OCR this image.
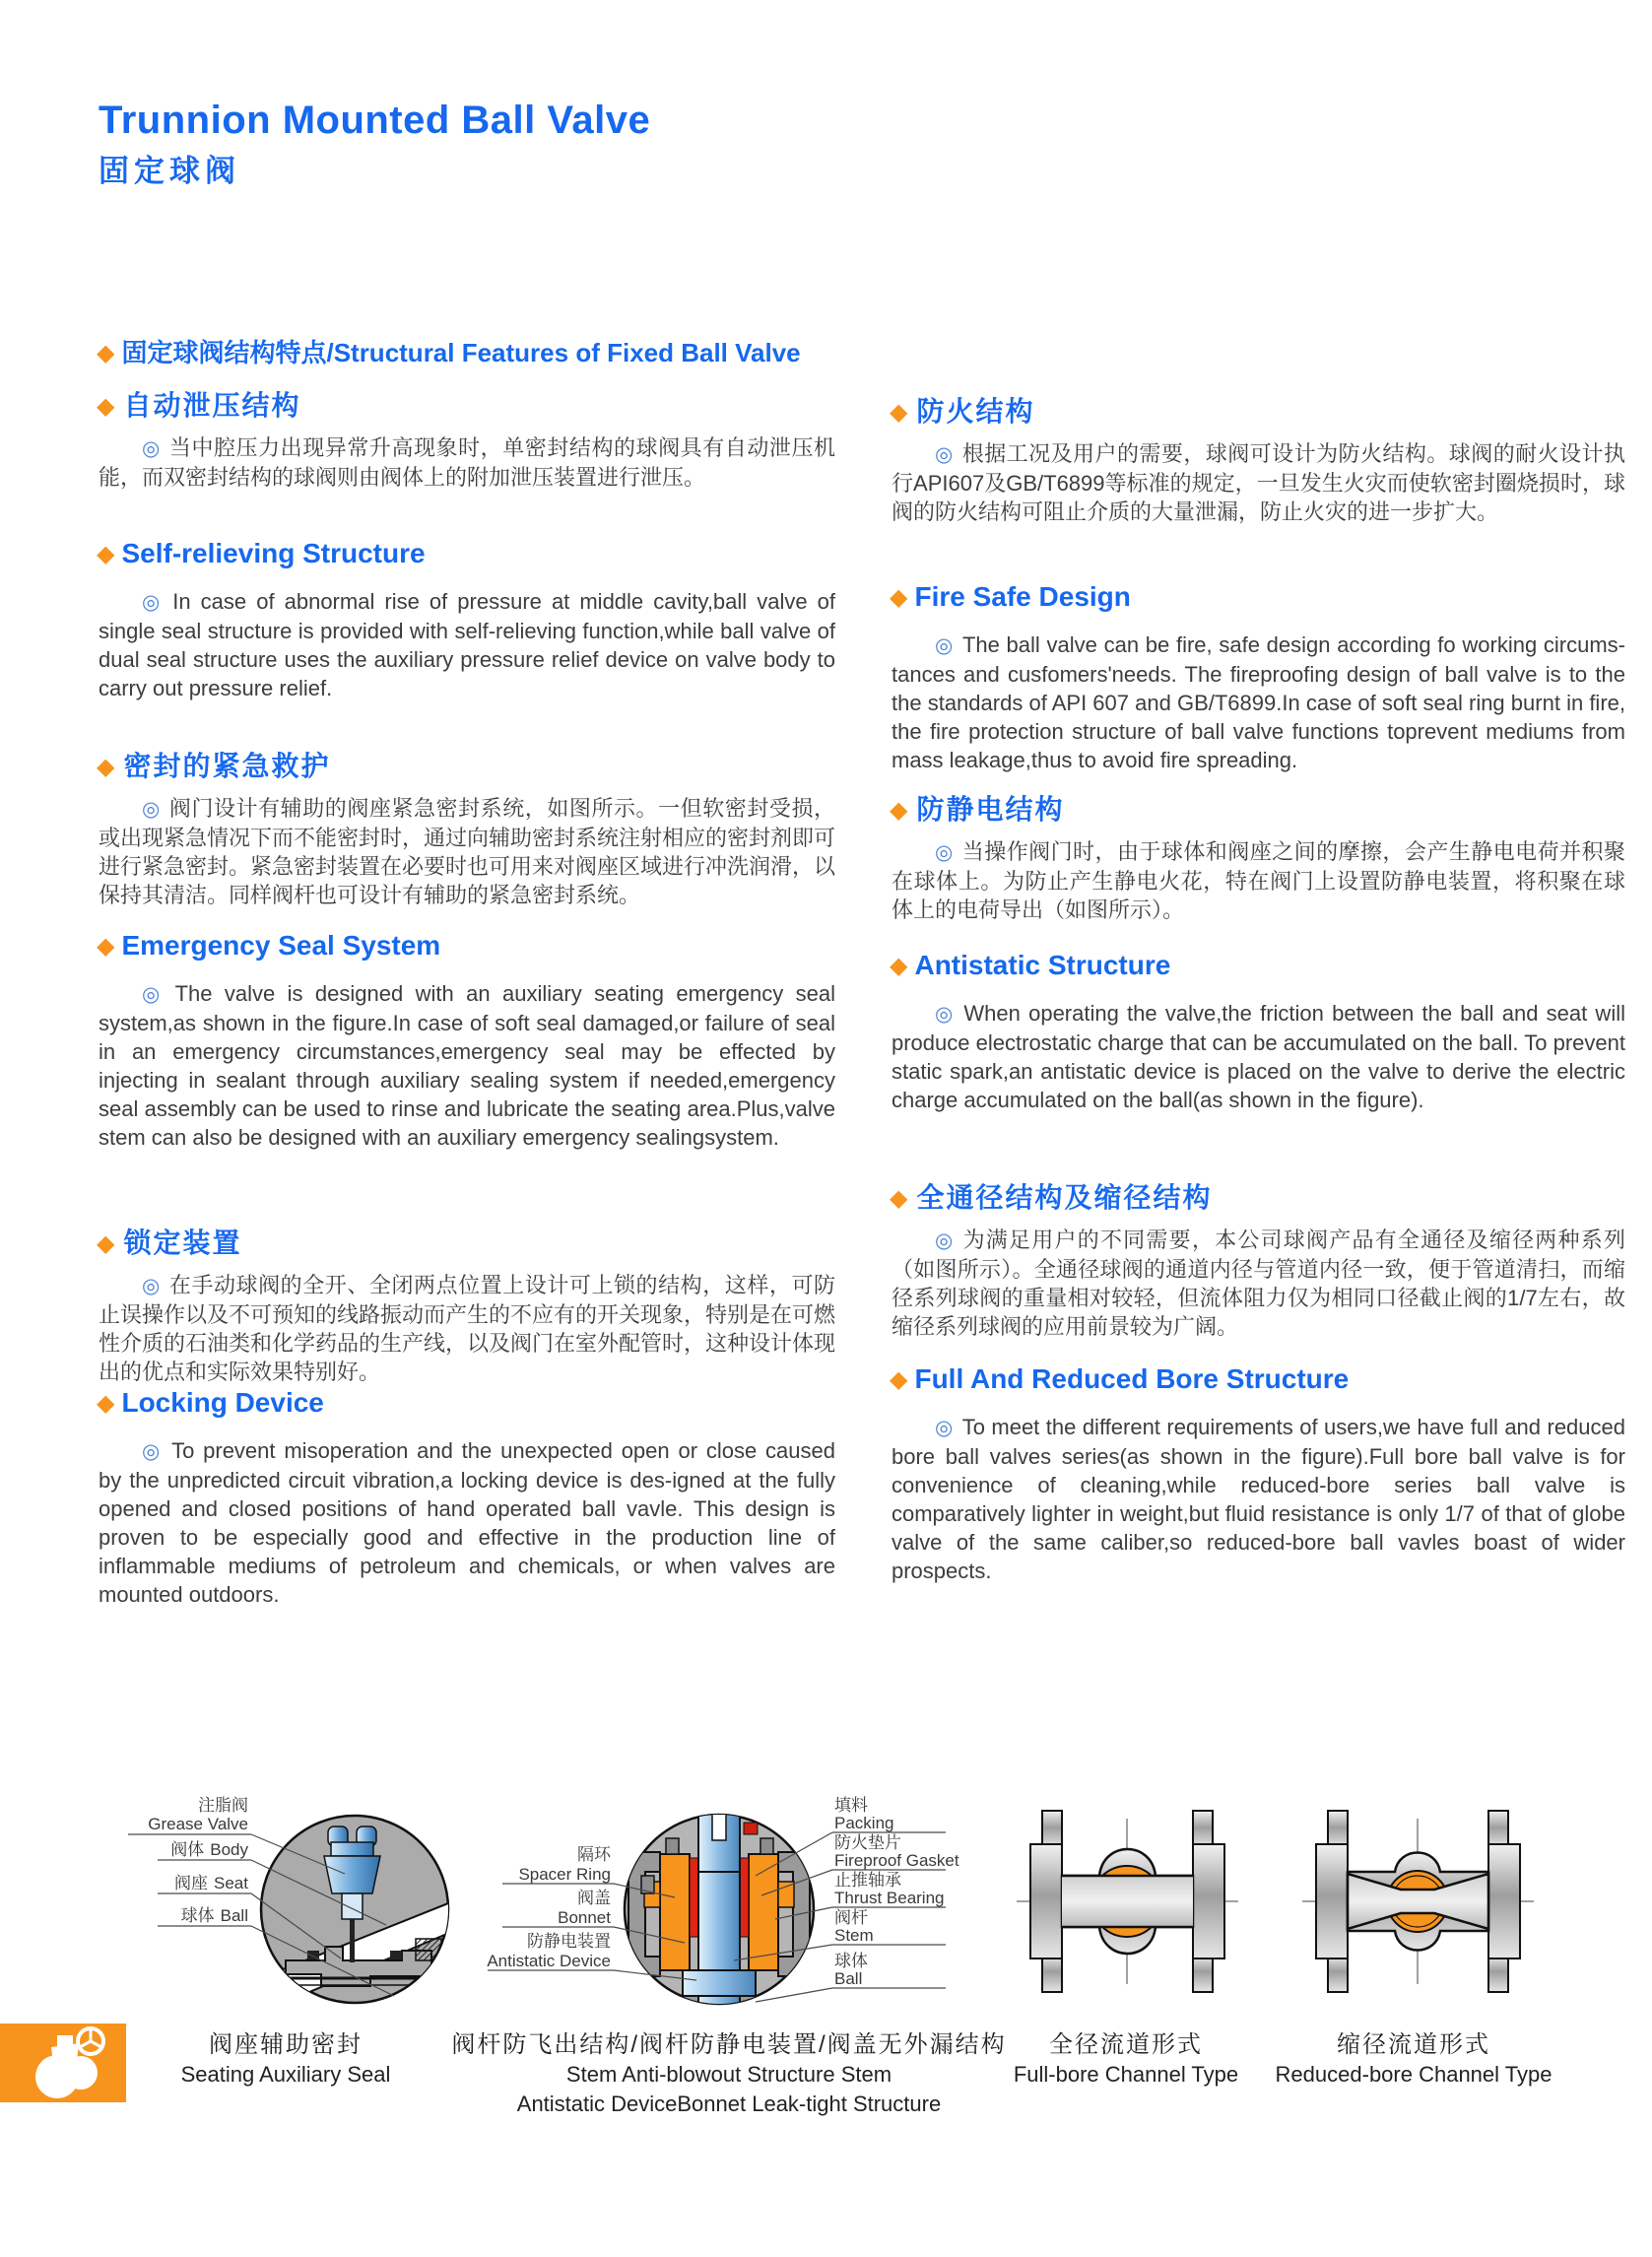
Trunnion Mounted Ball Valve
固定球阀
◆ 固定球阀结构特点/Structural Features of Fixed Ball Valve
◆ 自动泄压结构
◎ 当中腔压力出现异常升高现象时，单密封结构的球阀具有自动泄压机能，而双密封结构的球阀则由阀体上的附加泄压装置进行泄压。
◆ Self-relieving Structure
◎ In case of abnormal rise of pressure at middle cavity,ball valve of single seal structure is provided with self-relieving function,while ball valve of dual seal structure uses the auxiliary pressure relief device on valve body to carry out pressure relief.
◆ 密封的紧急救护
◎ 阀门设计有辅助的阀座紧急密封系统，如图所示。一但软密封受损，或出现紧急情况下而不能密封时，通过向辅助密封系统注射相应的密封剂即可进行紧急密封。紧急密封装置在必要时也可用来对阀座区域进行冲洗润滑，以保持其清洁。同样阀杆也可设计有辅助的紧急密封系统。
◆ Emergency Seal System
◎ The valve is designed with an auxiliary seating emergency seal system,as shown in the figure.In case of soft seal damaged,or failure of seal in an emergency circumstances,emergency seal may be effected by injecting in sealant through auxiliary sealing system if needed,emergency seal assembly can be used to rinse and lubricate the seating area.Plus,valve stem can also be designed with an auxiliary emergency sealingsystem.
◆ 锁定装置
◎ 在手动球阀的全开、全闭两点位置上设计可上锁的结构，这样，可防止误操作以及不可预知的线路振动而产生的不应有的开关现象，特别是在可燃性介质的石油类和化学药品的生产线，以及阀门在室外配管时，这种设计体现出的优点和实际效果特别好。
◆ Locking Device
◎ To prevent misoperation and the unexpected open or close caused by the unpredicted circuit vibration,a locking device is des-igned at the fully opened and closed positions of hand operated ball vavle. This design is proven to be especially good and effective in the production line of inflammable mediums of petroleum and chemicals, or when valves are mounted outdoors.
◆ 防火结构
◎ 根据工况及用户的需要，球阀可设计为防火结构。球阀的耐火设计执行API607及GB/T6899等标准的规定，一旦发生火灾而使软密封圈烧损时，球阀的防火结构可阻止介质的大量泄漏，防止火灾的进一步扩大。
◆ Fire Safe Design
◎ The ball valve can be fire, safe design according fo working circums-tances and cusfomers'needs. The fireproofing design of ball valve is to the the standards of API 607 and GB/T6899.In case of soft seal ring burnt in fire, the fire protection structure of ball valve functions toprevent mediums from mass leakage,thus to avoid fire spreading.
◆ 防静电结构
◎ 当操作阀门时，由于球体和阀座之间的摩擦，会产生静电电荷并积聚在球体上。为防止产生静电火花，特在阀门上设置防静电装置，将积聚在球体上的电荷导出（如图所示）。
◆ Antistatic Structure
◎ When operating the valve,the friction between the ball and seat will produce electrostatic charge that can be accumulated on the ball. To prevent static spark,an antistatic device is placed on the valve to derive the electric charge accumulated on the ball(as shown in the figure).
◆ 全通径结构及缩径结构
◎ 为满足用户的不同需要，本公司球阀产品有全通径及缩径两种系列（如图所示）。全通径球阀的通道内径与管道内径一致，便于管道清扫，而缩径系列球阀的重量相对较轻，但流体阻力仅为相同口径截止阀的1/7左右，故缩径系列球阀的应用前景较为广阔。
◆ Full And Reduced Bore Structure
◎ To meet the different requirements of users,we have full and reduced bore ball valves series(as shown in the figure).Full bore ball valve is for convenience of cleaning,while reduced-bore series ball valve is comparatively lighter in weight,but fluid resistance is only 1/7 of that of globe valve of the same caliber,so reduced-bore ball vavles boast of wider prospects.
注脂阀
Grease Valve
阀体 Body
阀座 Seat
球体 Ball
隔环
Spacer Ring
阀盖
Bonnet
防静电装置
Antistatic Device
填料
Packing
防火垫片
Fireproof Gasket
止推轴承
Thrust Bearing
阀杆
Stem
球体
Ball
阀座辅助密封
Seating Auxiliary Seal
阀杆防飞出结构/阀杆防静电装置/阀盖无外漏结构
Stem Anti-blowout Structure Stem
Antistatic DeviceBonnet Leak-tight Structure
全径流道形式
Full-bore Channel Type
缩径流道形式
Reduced-bore Channel Type
